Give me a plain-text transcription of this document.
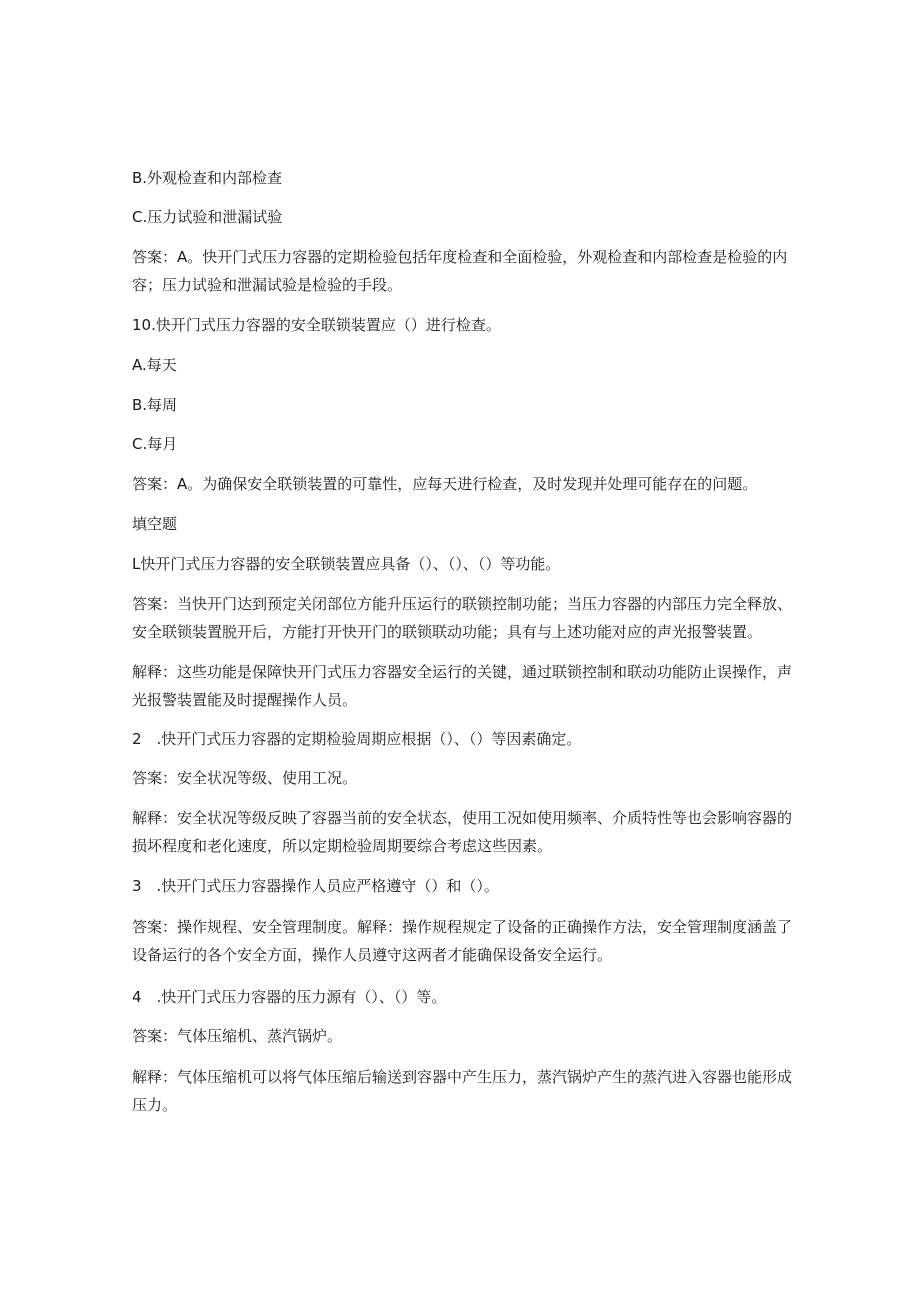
B.外观检查和内部检查
C.压力试验和泄漏试验
答案：A。快开门式压力容器的定期检验包括年度检查和全面检验，外观检查和内部检查是检验的内容；压力试验和泄漏试验是检验的手段。
10.快开门式压力容器的安全联锁装置应（）进行检查。
A.每天
B.每周
C.每月
答案：A。为确保安全联锁装置的可靠性，应每天进行检查，及时发现并处理可能存在的问题。
填空题
L快开门式压力容器的安全联锁装置应具备（）、（）、（）等功能。
答案：当快开门达到预定关闭部位方能升压运行的联锁控制功能；当压力容器的内部压力完全释放、安全联锁装置脱开后，方能打开快开门的联锁联动功能；具有与上述功能对应的声光报警装置。
解释：这些功能是保障快开门式压力容器安全运行的关键，通过联锁控制和联动功能防止误操作，声光报警装置能及时提醒操作人员。
2　.快开门式压力容器的定期检验周期应根据（）、（）等因素确定。
答案：安全状况等级、使用工况。
解释：安全状况等级反映了容器当前的安全状态，使用工况如使用频率、介质特性等也会影响容器的损坏程度和老化速度，所以定期检验周期要综合考虑这些因素。
3　.快开门式压力容器操作人员应严格遵守（）和（）。
答案：操作规程、安全管理制度。解释：操作规程规定了设备的正确操作方法，安全管理制度涵盖了设备运行的各个安全方面，操作人员遵守这两者才能确保设备安全运行。
4　.快开门式压力容器的压力源有（）、（）等。
答案：气体压缩机、蒸汽锅炉。
解释：气体压缩机可以将气体压缩后输送到容器中产生压力，蒸汽锅炉产生的蒸汽进入容器也能形成压力。
